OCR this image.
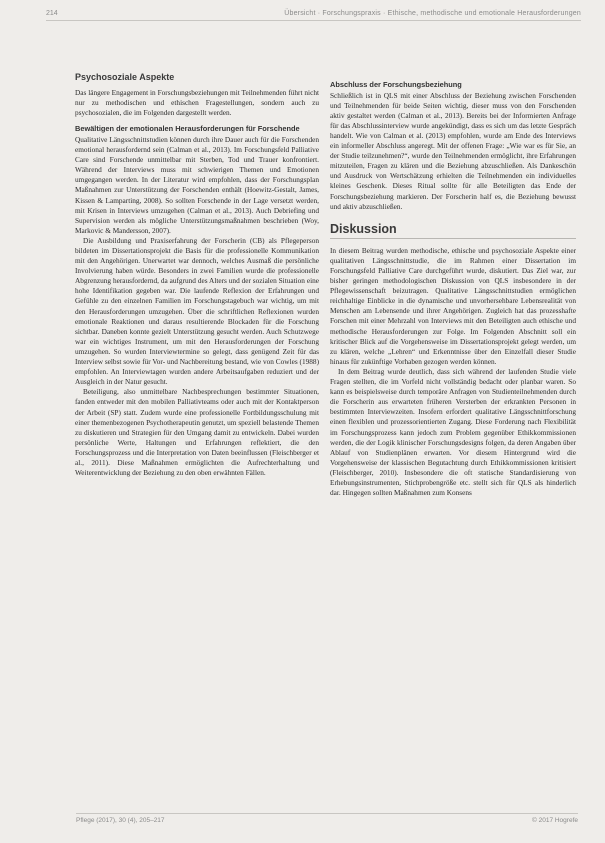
214	Übersicht · Forschungspraxis · Ethische, methodische und emotionale Herausforderungen
Psychosoziale Aspekte

Das längere Engagement in Forschungsbeziehungen mit Teilnehmenden führt nicht nur zu methodischen und ethischen Fragestellungen, sondern auch zu psychosozialen, die im Folgenden dargestellt werden.

Bewältigen der emotionalen Herausforderungen für Forschende

Qualitative Längsschnittstudien können durch ihre Dauer auch für die Forschenden emotional herausfordernd sein (Calman et al., 2013). Im Forschungsfeld Palliative Care sind Forschende unmittelbar mit Sterben, Tod und Trauer konfrontiert. Während der Interviews muss mit schwierigen Themen und Emotionen umgegangen werden. In der Literatur wird empfohlen, dass der Forschungsplan Maßnahmen zur Unterstützung der Forschenden enthält (Hoewitz-Gestalt, James, Kissen & Lamparting, 2008). So sollten Forschende in der Lage versetzt werden, mit Krisen in Interviews umzugehen (Calman et al., 2013). Auch Debriefing und Supervision werden als mögliche Unterstützungsmaßnahmen beschrieben (Woy, Markovic & Mandersson, 2007).

Die Ausbildung und Praxiserfahrung der Forscherin (CB) als Pflegeperson bildeten im Dissertationsprojekt die Basis für die professionelle Kommunikation mit den Angehörigen. Unerwartet war dennoch, welches Ausmaß die persönliche Involvierung haben würde. Besonders in zwei Familien wurde die professionelle Abgrenzung herausfordernd, da aufgrund des Alters und der sozialen Situation eine hohe Identifikation gegeben war. Die laufende Reflexion der Erfahrungen und Gefühle zu den einzelnen Familien im Forschungstagebuch war wichtig, um mit den Herausforderungen umzugehen. Über die schriftlichen Reflexionen wurden emotionale Reaktionen und daraus resultierende Blockaden für die Forschung sichtbar. Daneben konnte gezielt Unterstützung gesucht werden. Auch Schutzwege war ein wichtiges Instrument, um mit den Herausforderungen der Forschung umzugehen. So wurden Interviewtermine so gelegt, dass genügend Zeit für das Interview selbst sowie für Vor- und Nachbereitung bestand, wie von Cowles (1988) empfohlen. An Interviewtagen wurden andere Arbeitsaufgaben reduziert und der Ausgleich in der Natur gesucht.

Beteiligung, also unmittelbare Nachbesprechungen bestimmter Situationen, fanden entweder mit den mobilen Palliativteams oder auch mit der Kontaktperson der Arbeit (SP) statt. Zudem wurde eine professionelle Fortbildungsschulung mit einer themenbezogenen Psychotherapeutin genutzt, um speziell belastende Themen zu diskutieren und Strategien für den Umgang damit zu entwickeln. Dabei wurden persönliche Werte, Haltungen und Erfahrungen reflektiert, die den Forschungsprozess und die Interpretation von Daten beeinflussen (Fleischberger et al., 2011). Diese Maßnahmen ermöglichten die Aufrechterhaltung und Weiterentwicklung der Beziehung zu den oben erwähnten Fällen.

Abschluss der Forschungsbeziehung

Schließlich ist in QLS mit einer Abschluss der Beziehung zwischen Forschenden und Teilnehmenden für beide Seiten wichtig, dieser muss von den Forschenden aktiv gestaltet werden (Calman et al., 2013). Bereits bei der Informierten Anfrage für das Abschlussinterview wurde angekündigt, dass es sich um das letzte Gespräch handelt. Wie von Calman et al. (2013) empfohlen, wurde am Ende des Interviews ein informeller Abschluss angeregt. Mit der offenen Frage: „Wie war es für Sie, an der Studie teilzunehmen?“, wurde den Teilnehmenden ermöglicht, ihre Erfahrungen mitzuteilen, Fragen zu klären und die Beziehung abzuschließen. Als Dankeschön und Ausdruck von Wertschätzung erhielten die Teilnehmenden ein individuelles kleines Geschenk. Dieses Ritual sollte für alle Beteiligten das Ende der Forschungsbeziehung markieren. Der Forscherin half es, die Beziehung bewusst und aktiv abzuschließen.

Diskussion

In diesem Beitrag wurden methodische, ethische und psychosoziale Aspekte einer qualitativen Längsschnittstudie, die im Rahmen einer Dissertation im Forschungsfeld Palliative Care durchgeführt wurde, diskutiert. Das Ziel war, zur bisher geringen methodologischen Diskussion von QLS insbesondere in der Pflegewissenschaft beizutragen. Qualitative Längsschnittstudien ermöglichen reichhaltige Einblicke in die dynamische und unvorhersehbare Lebensrealität von Menschen am Lebensende und ihrer Angehörigen. Zugleich hat das prozesshafte Forschen mit einer Mehrzahl von Interviews mit den Beteiligten auch ethische und methodische Herausforderungen zur Folge. Im Folgenden Abschnitt soll ein kritischer Blick auf die Vorgehensweise im Dissertationsprojekt gelegt werden, um zu klären, welche „Lehren“ und Erkenntnisse über den Einzelfall dieser Studie hinaus für zukünftige Vorhaben gezogen werden können.

In dem Beitrag wurde deutlich, dass sich während der laufenden Studie viele Fragen stellten, die im Vorfeld nicht vollständig bedacht oder planbar waren. So kann es beispielsweise durch temporäre Anfragen von Studienteilnehmenden durch die Forscherin aus erwarteten früheren Versterben der erkrankten Personen in bestimmten Interviewzeiten. Insofern erfordert qualitative Längsschnittforschung einen flexiblen und prozessorientierten Zugang. Diese Forderung nach Flexibilität im Forschungsprozess kann jedoch zum Problem gegenüber Ethikkommissionen werden, die der Logik klinischer Forschungsdesigns folgen, da deren Angaben über Ablauf von Studienplänen erwarten. Vor diesem Hintergrund wird die Vorgehensweise der klassischen Begutachtung durch Ethikkommissionen kritisiert (Fleischberger, 2010). Insbesondere die oft statische Standardisierung von Erhebungsinstrumenten, Stichprobengröße etc. stellt sich für QLS als hinderlich dar. Hingegen sollten Maßnahmen zum Konsens

Pflege (2017), 30 (4), 205–217	© 2017 Hogrefe
